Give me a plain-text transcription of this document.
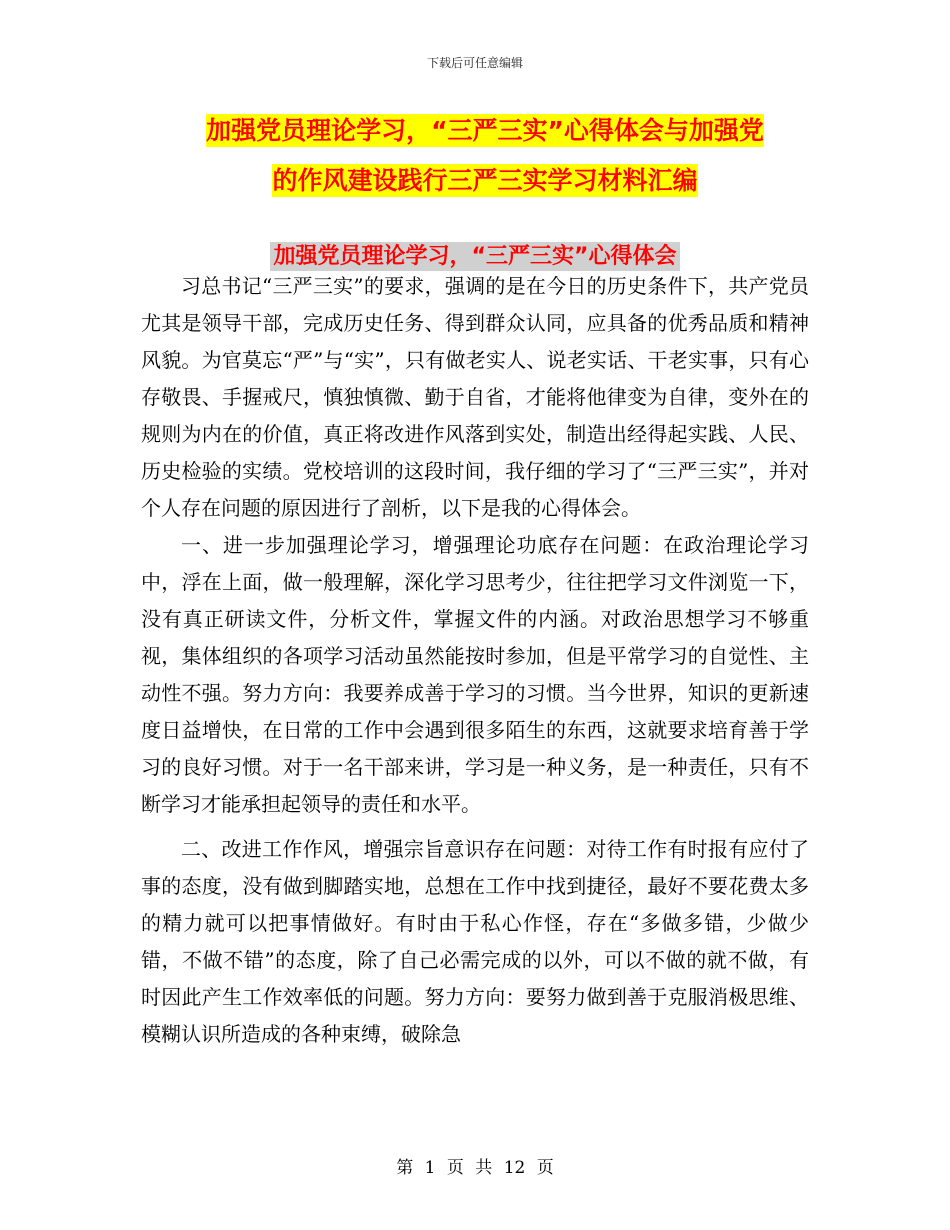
下载后可任意编辑
加强党员理论学习，“三严三实”心得体会与加强党
的作风建设践行三严三实学习材料汇编
加强党员理论学习，“三严三实”心得体会

习总书记“三严三实”的要求，强调的是在今日的历史条件下，共产党员尤其是领导干部，完成历史任务、得到群众认同，应具备的优秀品质和精神风貌。为官莫忘“严”与“实”，只有做老实人、说老实话、干老实事，只有心存敬畏、手握戒尺，慎独慎微、勤于自省，才能将他律变为自律，变外在的规则为内在的价值，真正将改进作风落到实处，制造出经得起实践、人民、历史检验的实绩。党校培训的这段时间，我仔细的学习了“三严三实”，并对个人存在问题的原因进行了剖析，以下是我的心得体会。

一、进一步加强理论学习，增强理论功底存在问题：在政治理论学习中，浮在上面，做一般理解，深化学习思考少，往往把学习文件浏览一下，没有真正研读文件，分析文件，掌握文件的内涵。对政治思想学习不够重视，集体组织的各项学习活动虽然能按时参加，但是平常学习的自觉性、主动性不强。努力方向：我要养成善于学习的习惯。当今世界，知识的更新速度日益增快，在日常的工作中会遇到很多陌生的东西，这就要求培育善于学习的良好习惯。对于一名干部来讲，学习是一种义务，是一种责任，只有不断学习才能承担起领导的责任和水平。

二、改进工作作风，增强宗旨意识存在问题：对待工作有时报有应付了事的态度，没有做到脚踏实地，总想在工作中找到捷径，最好不要花费太多的精力就可以把事情做好。有时由于私心作怪，存在“多做多错，少做少错，不做不错”的态度，除了自己必需完成的以外，可以不做的就不做，有时因此产生工作效率低的问题。努力方向：要努力做到善于克服消极思维、模糊认识所造成的各种束缚，破除急

第 1 页 共 12 页
